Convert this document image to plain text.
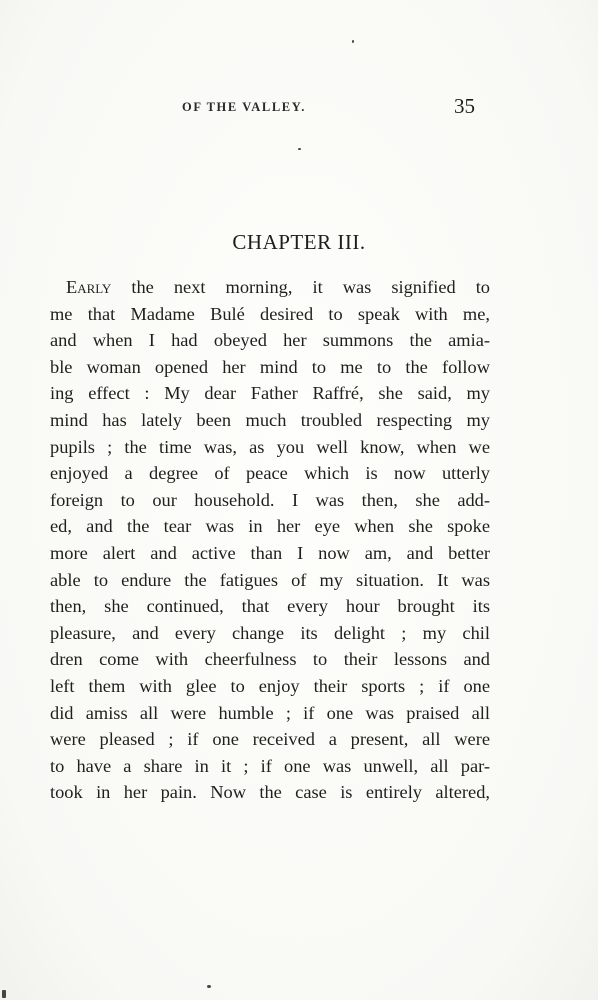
OF THE VALLEY.	35
CHAPTER III.
Early the next morning, it was signified to
me that Madame Bulé desired to speak with me,
and when I had obeyed her summons the amia-
ble woman opened her mind to me to the follow
ing effect : My dear Father Raffré, she said, my
mind has lately been much troubled respecting my
pupils ; the time was, as you well know, when we
enjoyed a degree of peace which is now utterly
foreign to our household. I was then, she add-
ed, and the tear was in her eye when she spoke
more alert and active than I now am, and better
able to endure the fatigues of my situation. It was
then, she continued, that every hour brought its
pleasure, and every change its delight ; my chil
dren come with cheerfulness to their lessons and
left them with glee to enjoy their sports ; if one
did amiss all were humble ; if one was praised all
were pleased ; if one received a present, all were
to have a share in it ; if one was unwell, all par-
took in her pain. Now the case is entirely altered,
